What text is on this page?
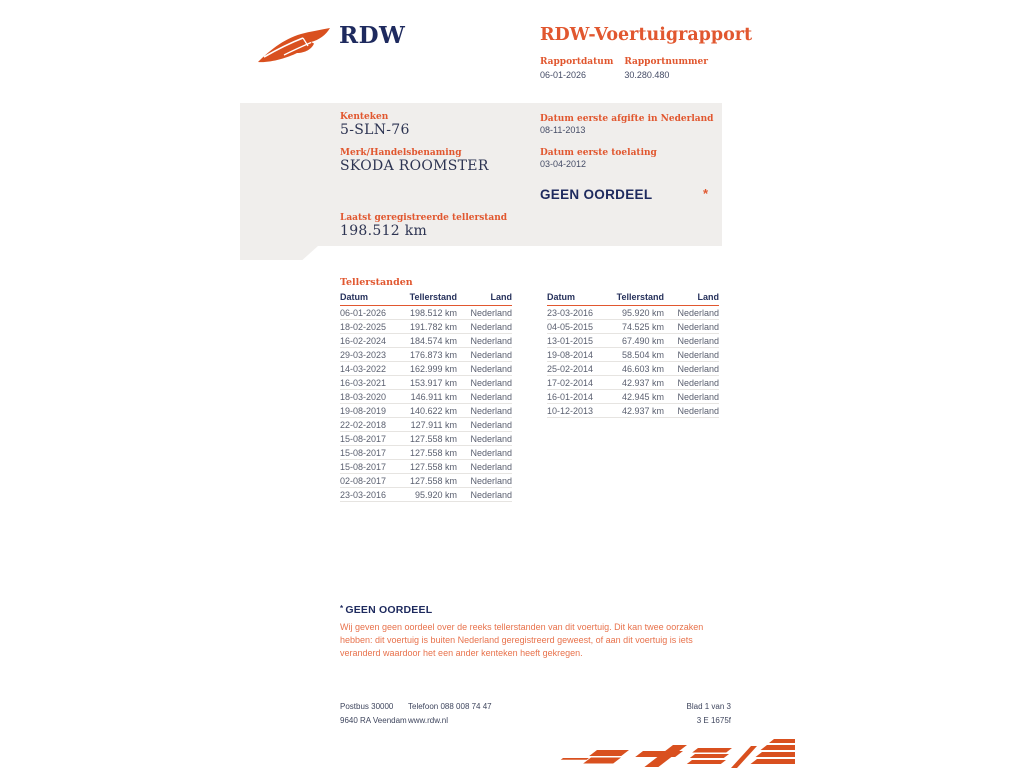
RDW	RDW-Voertuigrapport
Rapportdatum
06-01-2026
Rapportnummer
30.280.480
Kenteken
5-SLN-76
Merk/Handelsbenaming
SKODA ROOMSTER
Laatst geregistreerde tellerstand
198.512 km
Datum eerste afgifte in Nederland
08-11-2013
Datum eerste toelating
03-04-2012
GEEN OORDEEL	*
Tellerstanden
Datum	Tellerstand	Land
06-01-2026	198.512 km	Nederland
18-02-2025	191.782 km	Nederland
16-02-2024	184.574 km	Nederland
29-03-2023	176.873 km	Nederland
14-03-2022	162.999 km	Nederland
16-03-2021	153.917 km	Nederland
18-03-2020	146.911 km	Nederland
19-08-2019	140.622 km	Nederland
22-02-2018	127.911 km	Nederland
15-08-2017	127.558 km	Nederland
15-08-2017	127.558 km	Nederland
15-08-2017	127.558 km	Nederland
02-08-2017	127.558 km	Nederland
23-03-2016	95.920 km	Nederland
Datum	Tellerstand	Land
23-03-2016	95.920 km	Nederland
04-05-2015	74.525 km	Nederland
13-01-2015	67.490 km	Nederland
19-08-2014	58.504 km	Nederland
25-02-2014	46.603 km	Nederland
17-02-2014	42.937 km	Nederland
16-01-2014	42.945 km	Nederland
10-12-2013	42.937 km	Nederland
* GEEN OORDEEL

Wij geven geen oordeel over de reeks tellerstanden van dit voertuig. Dit kan twee oorzaken hebben: dit voertuig is buiten Nederland geregistreerd geweest, of aan dit voertuig is iets veranderd waardoor het een ander kenteken heeft gekregen.

Postbus 30000
9640 RA Veendam
Telefoon 088 008 74 47
www.rdw.nl
Blad 1 van 3
3 E 1675f
